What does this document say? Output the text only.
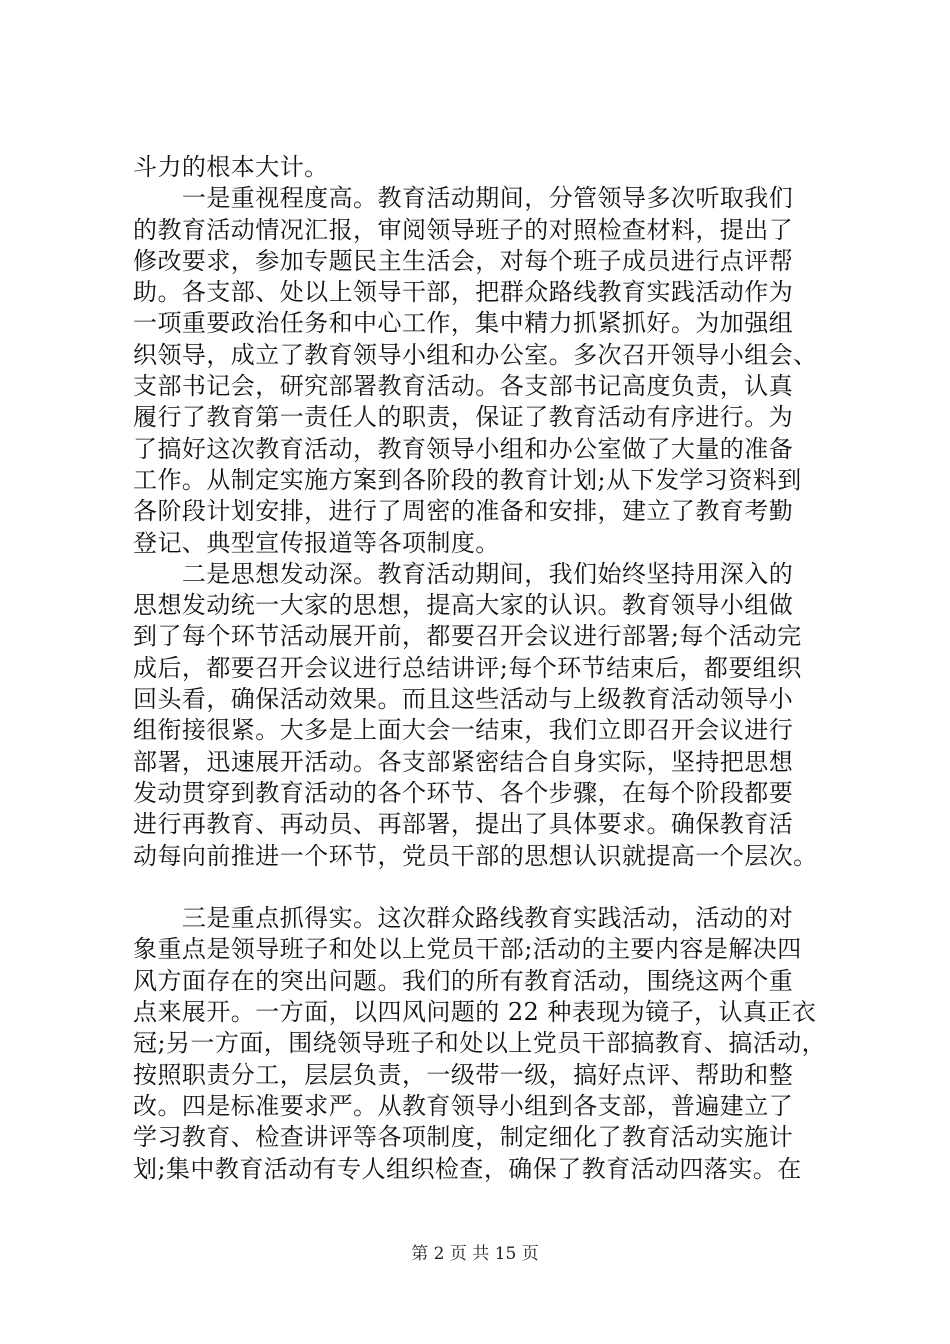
斗力的根本大计。
　　一是重视程度高。教育活动期间，分管领导多次听取我们
的教育活动情况汇报，审阅领导班子的对照检查材料，提出了
修改要求，参加专题民主生活会，对每个班子成员进行点评帮
助。各支部、处以上领导干部，把群众路线教育实践活动作为
一项重要政治任务和中心工作，集中精力抓紧抓好。为加强组
织领导，成立了教育领导小组和办公室。多次召开领导小组会、
支部书记会，研究部署教育活动。各支部书记高度负责，认真
履行了教育第一责任人的职责，保证了教育活动有序进行。为
了搞好这次教育活动，教育领导小组和办公室做了大量的准备
工作。从制定实施方案到各阶段的教育计划;从下发学习资料到
各阶段计划安排，进行了周密的准备和安排，建立了教育考勤
登记、典型宣传报道等各项制度。
　　二是思想发动深。教育活动期间，我们始终坚持用深入的
思想发动统一大家的思想，提高大家的认识。教育领导小组做
到了每个环节活动展开前，都要召开会议进行部署;每个活动完
成后，都要召开会议进行总结讲评;每个环节结束后，都要组织
回头看，确保活动效果。而且这些活动与上级教育活动领导小
组衔接很紧。大多是上面大会一结束，我们立即召开会议进行
部署，迅速展开活动。各支部紧密结合自身实际，坚持把思想
发动贯穿到教育活动的各个环节、各个步骤，在每个阶段都要
进行再教育、再动员、再部署，提出了具体要求。确保教育活
动每向前推进一个环节，党员干部的思想认识就提高一个层次。
　　三是重点抓得实。这次群众路线教育实践活动，活动的对
象重点是领导班子和处以上党员干部;活动的主要内容是解决四
风方面存在的突出问题。我们的所有教育活动，围绕这两个重
点来展开。一方面，以四风问题的 22 种表现为镜子，认真正衣
冠;另一方面，围绕领导班子和处以上党员干部搞教育、搞活动，
按照职责分工，层层负责，一级带一级，搞好点评、帮助和整
改。四是标准要求严。从教育领导小组到各支部，普遍建立了
学习教育、检查讲评等各项制度，制定细化了教育活动实施计
划;集中教育活动有专人组织检查，确保了教育活动四落实。在
第 2 页 共 15 页
